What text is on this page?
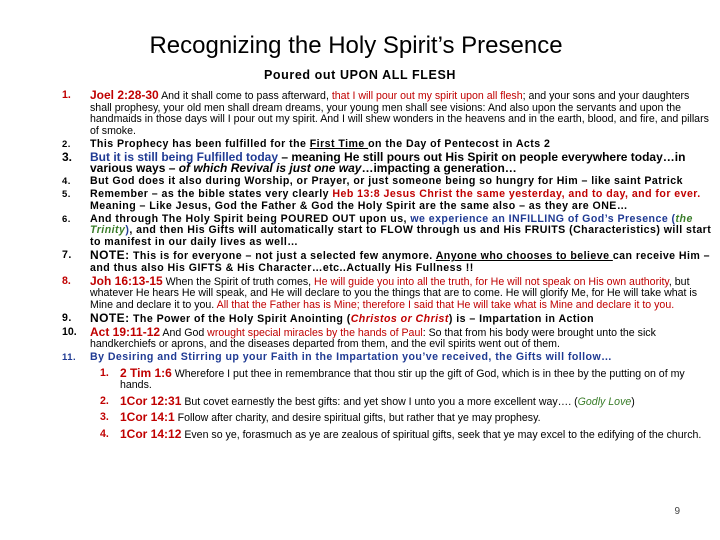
Recognizing the Holy Spirit’s Presence
Poured out UPON ALL FLESH
1. Joel 2:28-30 And it shall come to pass afterward, that I will pour out my spirit upon all flesh; and your sons and your daughters shall prophesy, your old men shall dream dreams, your young men shall see visions: And also upon the servants and upon the handmaids in those days will I pour out my spirit. And I will shew wonders in the heavens and in the earth, blood, and fire, and pillars of smoke.
2. This Prophecy has been fulfilled for the First Time on the Day of Pentecost in Acts 2
3. But it is still being Fulfilled today – meaning He still pours out His Spirit on people everywhere today…in various ways – of which Revival is just one way…impacting a generation…
4. But God does it also during Worship, or Prayer, or just someone being so hungry for Him – like saint Patrick
5. Remember – as the bible states very clearly Heb 13:8 Jesus Christ the same yesterday, and to day, and for ever. Meaning – Like Jesus, God the Father & God the Holy Spirit are the same also – as they are ONE…
6. And through The Holy Spirit being POURED OUT upon us, we experience an INFILLING of God’s Presence (the Trinity), and then His Gifts will automatically start to FLOW through us and His FRUITS (Characteristics) will start to manifest in our daily lives as well…
7. NOTE: This is for everyone – not just a selected few anymore. Anyone who chooses to believe can receive Him – and thus also His GIFTS & His Character…etc..Actually His Fullness !!
8. Joh 16:13-15 When the Spirit of truth comes, He will guide you into all the truth, for He will not speak on His own authority, but whatever He hears He will speak, and He will declare to you the things that are to come. He will glorify Me, for He will take what is Mine and declare it to you. All that the Father has is Mine; therefore I said that He will take what is Mine and declare it to you.
9. NOTE: The Power of the Holy Spirit Anointing (Christos or Christ) is – Impartation in Action
10. Act 19:11-12 And God wrought special miracles by the hands of Paul: So that from his body were brought unto the sick handkerchiefs or aprons, and the diseases departed from them, and the evil spirits went out of them.
11. By Desiring and Stirring up your Faith in the Impartation you’ve received, the Gifts will follow…
1. 2 Tim 1:6 Wherefore I put thee in remembrance that thou stir up the gift of God, which is in thee by the putting on of my hands.
2. 1Cor 12:31 But covet earnestly the best gifts: and yet show I unto you a more excellent way…. (Godly Love)
3. 1Cor 14:1 Follow after charity, and desire spiritual gifts, but rather that ye may prophesy.
4. 1Cor 14:12 Even so ye, forasmuch as ye are zealous of spiritual gifts, seek that ye may excel to the edifying of the church.
9
